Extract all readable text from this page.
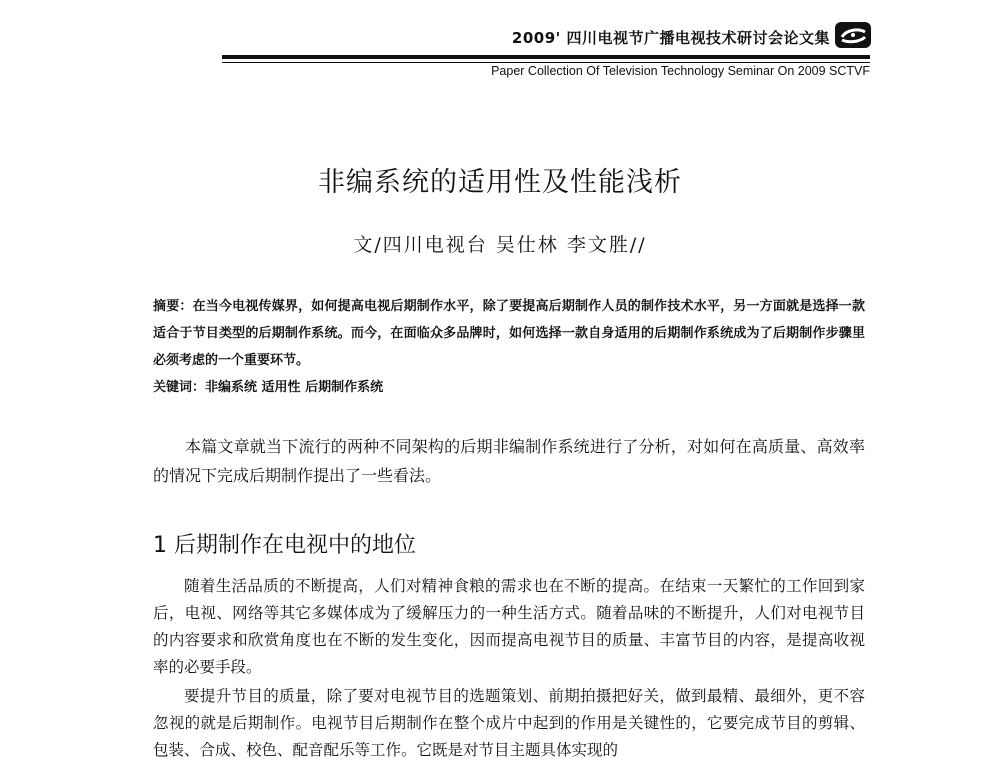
2009' 四川电视节广播电视技术研讨会论文集
Paper Collection Of Television Technology Seminar On 2009 SCTVF
非编系统的适用性及性能浅析
文/四川电视台 吴仕林 李文胜//

摘要：在当今电视传媒界，如何提高电视后期制作水平，除了要提高后期制作人员的制作技术水平，另一方面就是选择一款适合于节目类型的后期制作系统。而今，在面临众多品牌时，如何选择一款自身适用的后期制作系统成为了后期制作步骤里必须考虑的一个重要环节。

关键词：非编系统 适用性 后期制作系统

本篇文章就当下流行的两种不同架构的后期非编制作系统进行了分析，对如何在高质量、高效率的情况下完成后期制作提出了一些看法。

1 后期制作在电视中的地位

随着生活品质的不断提高，人们对精神食粮的需求也在不断的提高。在结束一天繁忙的工作回到家后，电视、网络等其它多媒体成为了缓解压力的一种生活方式。随着品味的不断提升，人们对电视节目的内容要求和欣赏角度也在不断的发生变化，因而提高电视节目的质量、丰富节目的内容，是提高收视率的必要手段。

要提升节目的质量，除了要对电视节目的选题策划、前期拍摄把好关，做到最精、最细外，更不容忽视的就是后期制作。电视节目后期制作在整个成片中起到的作用是关键性的，它要完成节目的剪辑、包装、合成、校色、配音配乐等工作。它既是对节目主题具体实现的
